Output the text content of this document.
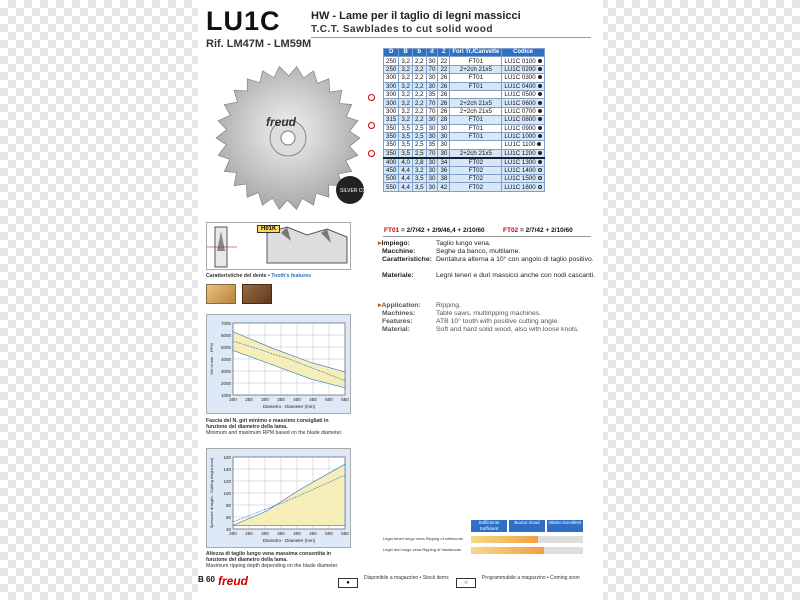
LU1C
Rif. LM47M - LM59M
HW - Lame per il taglio di legni massicci
T.C.T. Sawblades to cut solid wood
freud
SILVER COATING
D	B	b	d	Z	Fori Tr./Canvette	Codice
250	3,2	2,2	30	22	FT01	LU1C 0100
250	3,2	2,2	70	22	2+2ch 21x5	LU1C 0200
300	3,2	2,2	30	26	FT01	LU1C 0300
300	3,2	2,2	30	26	FT01	LU1C 0400
300	3,2	2,2	35	26		LU1C 0500
300	3,2	2,2	70	26	2+2ch 21x5	LU1C 0600
300	3,2	2,2	70	26	2+2ch 21x5	LU1C 0700
315	3,2	2,2	30	28	FT01	LU1C 0800
350	3,5	2,5	30	30	FT01	LU1C 0900
350	3,5	2,5	30	30	FT01	LU1C 1000
350	3,5	2,5	35	30		LU1C 1100
350	3,5	2,5	70	30	2+2ch 21x5	LU1C 1200
400	4,0	2,8	30	34	FT02	LU1C 1300
450	4,4	3,2	30	36	FT02	LU1C 1400
500	4,4	3,5	30	38	FT02	LU1C 1500
550	4,4	3,5	30	42	FT02	LU1C 1600
FT01 = 2/7/42 + 2/9/46,4 + 2/10/60	FT02 = 2/7/42 + 2/10/60
▸Impiego:	Taglio lungo vena.
Macchine:	Seghe da banco, multilame.
Caratteristiche: Dentatura alterna a 10° con angolo di taglio positivo.
Materiale:	Legni teneri e duri massicci anche con nodi cascanti.
▸Application: Ripping.
Machines:	Table saws, multiripping machines.
Features:	ATB 10° tooth with positive cutting angle.
Material:	Soft and hard solid wood, also with loose knots.
H01K
Caratteristiche del dente • Tooth's features
7000
6000
5000
4000
3000
2000
1000
200 250 300 350 400 450 500 550
Diametro - Diameter (mm)
Giri al min. - RPM
Fascia del N. giri minimo e massimo consigliati in funzione del diametro della lama.
Minimum and maximum RPM based on the blade diameter.
160
140
120
100
80
60
40
200 250 300 350 400 450 500 550
Diametro - Diameter (mm)
Spessore di taglio - Cutting height (mm)
Altezza di taglio lungo vena massima consentita in funzione del diametro della lama.
Maximum ripping depth depending on the blade diameter.
Sufficiente Sufficient
Buono Good	Ottimo Excellent
Legni teneri lungo vena Ripping of softwoods
Legni duri lungo vena Ripping of hardwoods
B 60 freud	●
Disponibile a magazzino • Stock items
○
Programmabile a magazzino • Coming soon
